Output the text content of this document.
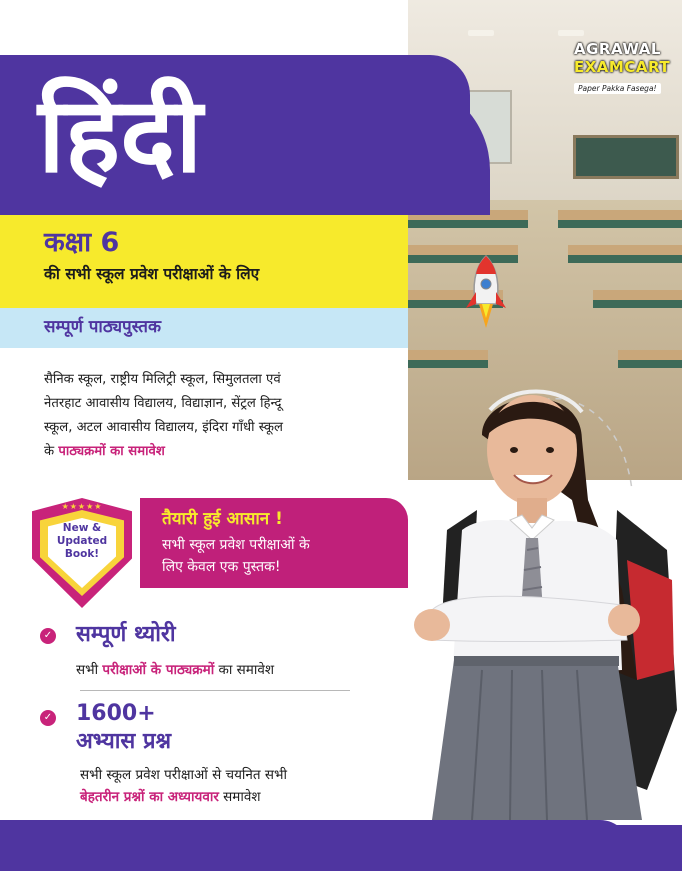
हिंदी
AGRAWAL
EXAMCART
Paper Pakka Fasega!
कक्षा 6
की सभी स्कूल प्रवेश परीक्षाओं के लिए
सम्पूर्ण पाठ्यपुस्तक
सैनिक स्कूल, राष्ट्रीय मिलिट्री स्कूल, सिमुलतला एवं
नेतरहाट आवासीय विद्यालय, विद्याज्ञान, सेंट्रल हिन्दू
स्कूल, अटल आवासीय विद्यालय, इंदिरा गाँधी स्कूल
के पाठ्यक्रमों का समावेश
★★★★★
New &
Updated
Book!
तैयारी हुई आसान !
सभी स्कूल प्रवेश परीक्षाओं के
लिए केवल एक पुस्तक!
✓ सम्पूर्ण थ्योरी
सभी परीक्षाओं के पाठ्यक्रमों का समावेश
✓ 1600+
अभ्यास प्रश्न
सभी स्कूल प्रवेश परीक्षाओं से चयनित सभी
बेहतरीन प्रश्नों का अध्यायवार समावेश
